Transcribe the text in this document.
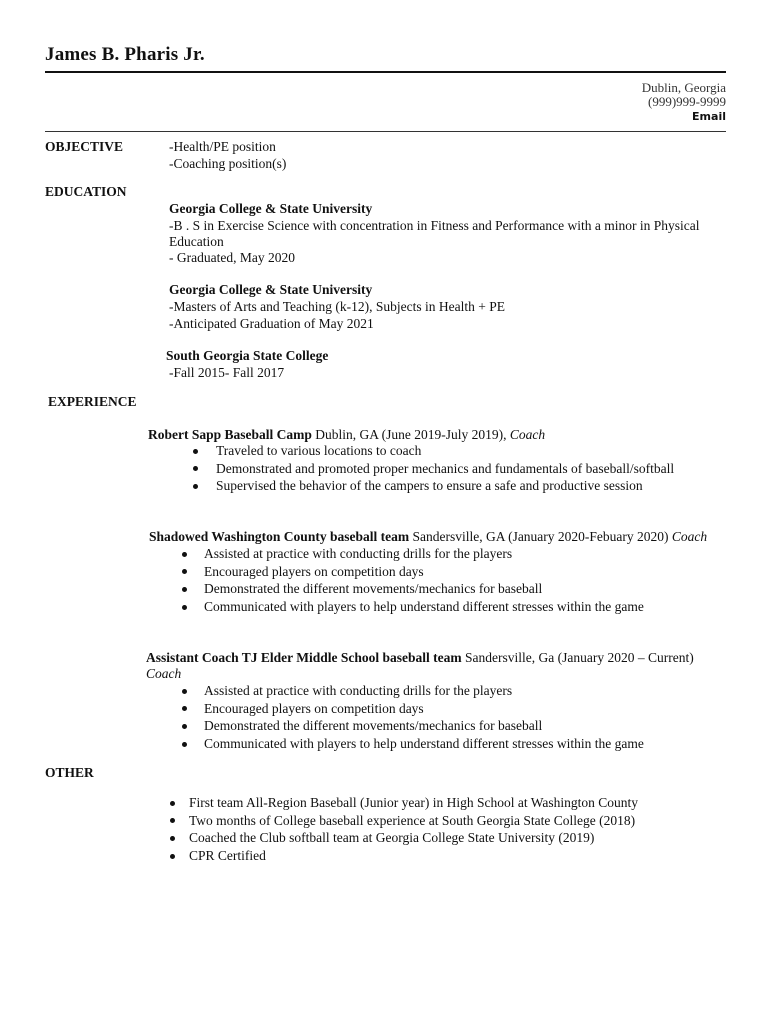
James B. Pharis Jr.
Dublin, Georgia
(999)999-9999
Email
OBJECTIVE	-Health/PE position
-Coaching position(s)
EDUCATION
Georgia College & State University
-B . S in Exercise Science with concentration in Fitness and Performance with a minor in Physical
Education
- Graduated, May 2020
Georgia College & State University
-Masters of Arts and Teaching (k-12), Subjects in Health + PE
-Anticipated Graduation of May 2021
South Georgia State College
-Fall 2015- Fall 2017
EXPERIENCE
Robert Sapp Baseball Camp Dublin, GA (June 2019-July 2019), Coach
Traveled to various locations to coach
Demonstrated and promoted proper mechanics and fundamentals of baseball/softball
Supervised the behavior of the campers to ensure a safe and productive session
Shadowed Washington County baseball team Sandersville, GA (January 2020-Febuary 2020) Coach
Assisted at practice with conducting drills for the players
Encouraged players on competition days
Demonstrated the different movements/mechanics for baseball
Communicated with players to help understand different stresses within the game
Assistant Coach TJ Elder Middle School baseball team Sandersville, Ga (January 2020 – Current)
Coach
Assisted at practice with conducting drills for the players
Encouraged players on competition days
Demonstrated the different movements/mechanics for baseball
Communicated with players to help understand different stresses within the game
OTHER
First team All-Region Baseball (Junior year) in High School at Washington County
Two months of College baseball experience at South Georgia State College (2018)
Coached the Club softball team at Georgia College State University (2019)
CPR Certified
